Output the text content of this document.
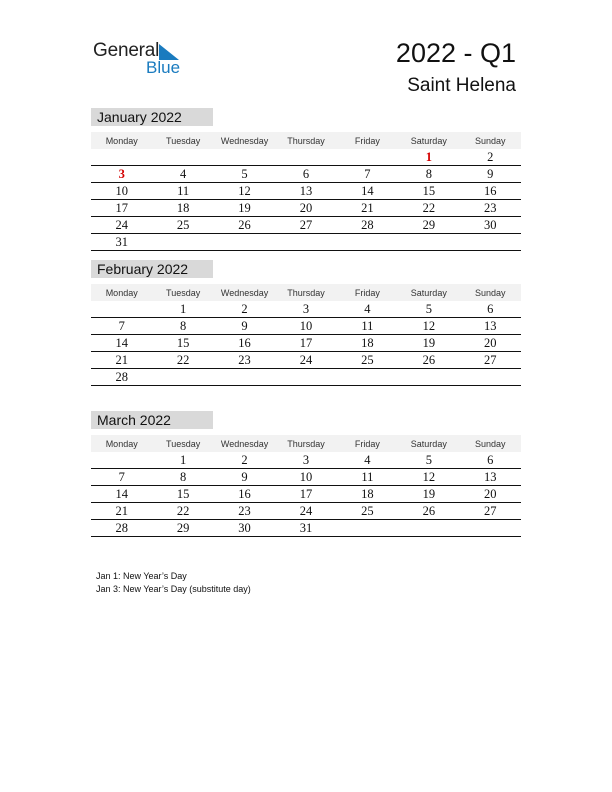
General
Blue	2022 - Q1
Saint Helena
January 2022
Monday	Tuesday	Wednesday	Thursday	Friday	Saturday	Sunday
					1	2
3	4	5	6	7	8	9
10	11	12	13	14	15	16
17	18	19	20	21	22	23
24	25	26	27	28	29	30
31						
February 2022
Monday	Tuesday	Wednesday	Thursday	Friday	Saturday	Sunday
	1	2	3	4	5	6
7	8	9	10	11	12	13
14	15	16	17	18	19	20
21	22	23	24	25	26	27
28						
March 2022
Monday	Tuesday	Wednesday	Thursday	Friday	Saturday	Sunday
	1	2	3	4	5	6
7	8	9	10	11	12	13
14	15	16	17	18	19	20
21	22	23	24	25	26	27
28	29	30	31			
Jan 1: New Year’s Day
Jan 3: New Year’s Day (substitute day)
